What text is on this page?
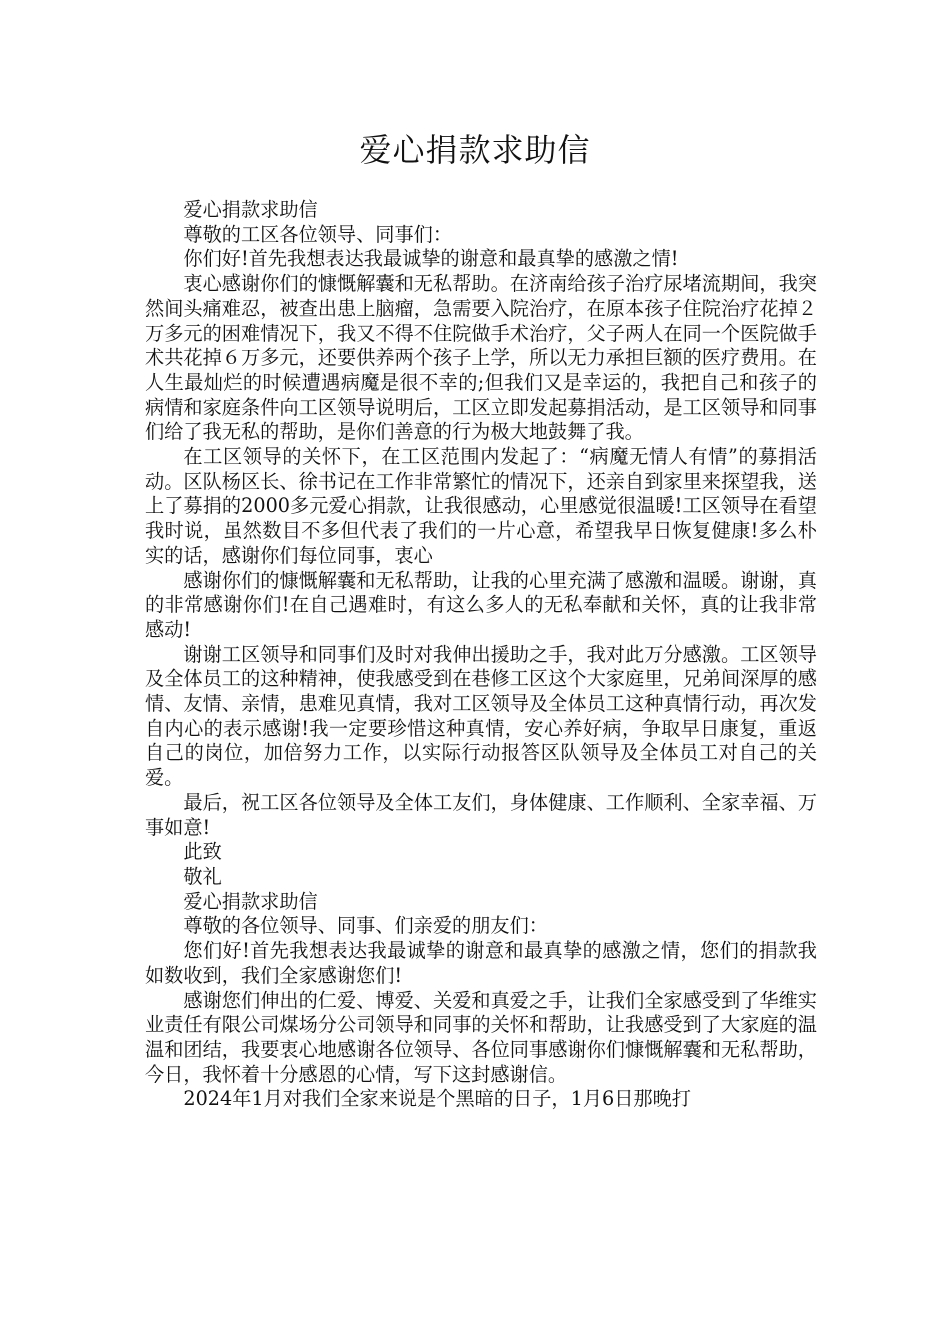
爱心捐款求助信

爱心捐款求助信

尊敬的工区各位领导、同事们：

你们好!首先我想表达我最诚挚的谢意和最真挚的感激之情!

衷心感谢你们的慷慨解囊和无私帮助。在济南给孩子治疗尿堵流期间，我突然间头痛难忍，被查出患上脑瘤，急需要入院治疗，在原本孩子住院治疗花掉２万多元的困难情况下，我又不得不住院做手术治疗，父子两人在同一个医院做手术共花掉６万多元，还要供养两个孩子上学，所以无力承担巨额的医疗费用。在人生最灿烂的时候遭遇病魔是很不幸的;但我们又是幸运的，我把自己和孩子的病情和家庭条件向工区领导说明后，工区立即发起募捐活动，是工区领导和同事们给了我无私的帮助，是你们善意的行为极大地鼓舞了我。

在工区领导的关怀下，在工区范围内发起了：“病魔无情人有情”的募捐活动。区队杨区长、徐书记在工作非常繁忙的情况下，还亲自到家里来探望我，送上了募捐的2000多元爱心捐款，让我很感动，心里感觉很温暖!工区领导在看望我时说，虽然数目不多但代表了我们的一片心意，希望我早日恢复健康!多么朴实的话，感谢你们每位同事，衷心

感谢你们的慷慨解囊和无私帮助，让我的心里充满了感激和温暖。谢谢，真的非常感谢你们!在自己遇难时，有这么多人的无私奉献和关怀，真的让我非常感动!

谢谢工区领导和同事们及时对我伸出援助之手，我对此万分感激。工区领导及全体员工的这种精神，使我感受到在巷修工区这个大家庭里，兄弟间深厚的感情、友情、亲情，患难见真情，我对工区领导及全体员工这种真情行动，再次发自内心的表示感谢!我一定要珍惜这种真情，安心养好病，争取早日康复，重返自己的岗位，加倍努力工作，以实际行动报答区队领导及全体员工对自己的关爱。

最后，祝工区各位领导及全体工友们，身体健康、工作顺利、全家幸福、万事如意!

此致

敬礼

爱心捐款求助信

尊敬的各位领导、同事、们亲爱的朋友们：

您们好!首先我想表达我最诚挚的谢意和最真挚的感激之情，您们的捐款我如数收到，我们全家感谢您们!

感谢您们伸出的仁爱、博爱、关爱和真爱之手，让我们全家感受到了华维实业责任有限公司煤场分公司领导和同事的关怀和帮助，让我感受到了大家庭的温温和团结，我要衷心地感谢各位领导、各位同事感谢你们慷慨解囊和无私帮助，今日，我怀着十分感恩的心情，写下这封感谢信。

2024年1月对我们全家来说是个黑暗的日子，1月6日那晚打
